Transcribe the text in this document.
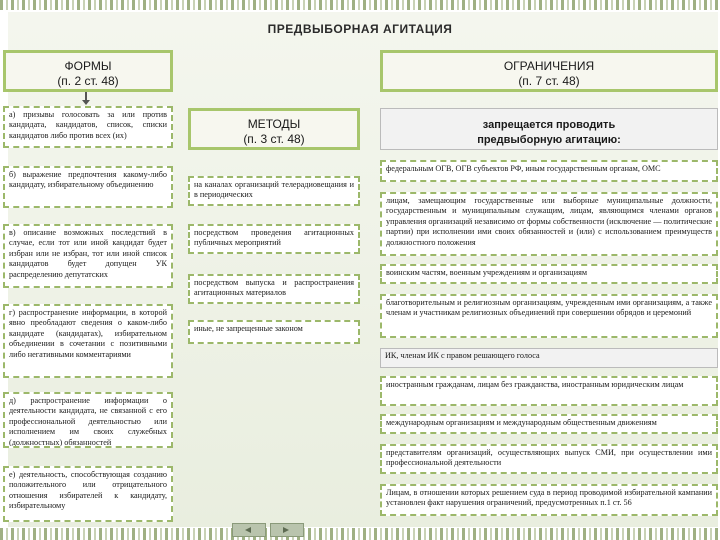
ПРЕДВЫБОРНАЯ АГИТАЦИЯ
ФОРМЫ
(п. 2 ст. 48)
а) призывы голосовать за или против кандидата, кандидатов, список, списки кандидатов либо против всех (их)
б) выражение предпочтения какому-либо кандидату, избирательному объединению
в) описание возможных последствий в случае, если тот или иной кандидат будет избран или не избран, тот или иной список кандидатов будет допущен УК распределению депутатских
г) распространение информации, в которой явно преобладают сведения о каком-либо кандидате (кандидатах), избирательном объединении в сочетании с позитивными либо негативными комментариями
д) распространение информации о деятельности кандидата, не связанной с его профессиональной деятельностью или исполнением им своих служебных (должностных) обязанностей
е) деятельность, способствующая созданию положительного или отрицательного отношения избирателей к кандидату, избирательному
МЕТОДЫ
(п. 3 ст. 48)
на каналах организаций телерадиовещания и в периодических
посредством проведения агитационных публичных мероприятий
посредством выпуска и распространения агитационных материалов
иные, не запрещенные законом
ОГРАНИЧЕНИЯ
(п. 7 ст. 48)
запрещается проводить
предвыборную агитацию:
федеральным ОГВ, ОГВ субъектов РФ, иным государственным органам, ОМС
лицам, замещающим государственные или выборные муниципальные должности, государственным и муниципальным служащим, лицам, являющимся членами органов управления организаций независимо от формы собственности (исключение — политические партии) при исполнении ими своих обязанностей и (или) с использованием преимуществ должностного положения
воинским частям, военным учреждениям и организациям
благотворительным и религиозным организациям, учрежденным ими организациям, а также членам и участникам религиозных объединений при совершении обрядов и церемоний
ИК, членам ИК с правом решающего голоса
иностранным гражданам, лицам без гражданства, иностранным юридическим лицам
международным организациям и международным общественным движениям
представителям организаций, осуществляющих выпуск СМИ, при осуществлении ими профессиональной деятельности
Лицам, в отношении которых решением суда в период проводимой избирательной кампании установлен факт нарушения ограничений, предусмотренных п.1 ст. 56
